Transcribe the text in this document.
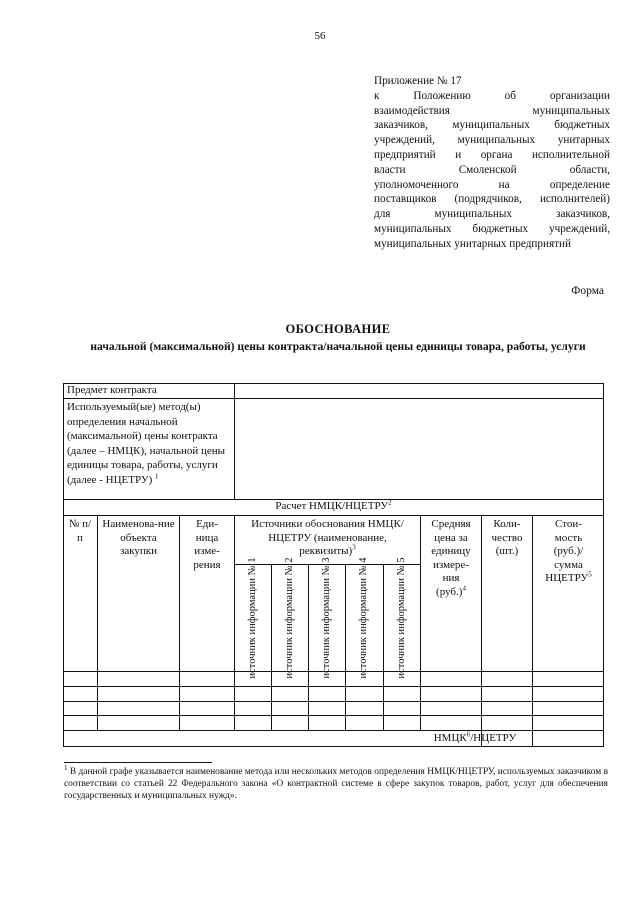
56
Приложение № 17
к Положению об организации
взаимодействия муниципальных
заказчиков, муниципальных бюджетных
учреждений, муниципальных унитарных
предприятий и органа исполнительной
власти Смоленской области,
уполномоченного на определение
поставщиков (подрядчиков, исполнителей)
для муниципальных заказчиков,
муниципальных бюджетных учреждений,
муниципальных унитарных предприятий
Форма
ОБОСНОВАНИЕ
начальной (максимальной) цены контракта/начальной цены единицы товара, работы, услуги
Предмет контракта
Используемый(ые) метод(ы) определения начальной (максимальной) цены контракта (далее – НМЦК), начальной цены единицы товара, работы, услуги (далее - НЦЕТРУ) $^1$
Расчет НМЦК/НЦЕТРУ$^2$
№ п/п
Наименова-ние объекта закупки
Еди-ница изме-рения
Источники обоснования НМЦК/НЦЕТРУ (наименование, реквизиты)$^3$
источник информации № 1 источник информации № 2 источник информации № 3 источник информации № 4	источник информации № 5
Средняя цена за единицу измере-ния $(руб.)^4$
Коли-чество (шт.)
Стои-мость (руб.)/ сумма НЦЕТРУ$^5$
НМЦК$^6$/НЦЕТРУ
$^1$ В данной графе указывается наименование метода или нескольких методов определения НМЦК/НЦЕТРУ, используемых заказчиком в соответствии со статьей 22 Федерального закона «О контрактной системе в сфере закупок товаров, работ, услуг для обеспечения государственных и муниципальных нужд».
